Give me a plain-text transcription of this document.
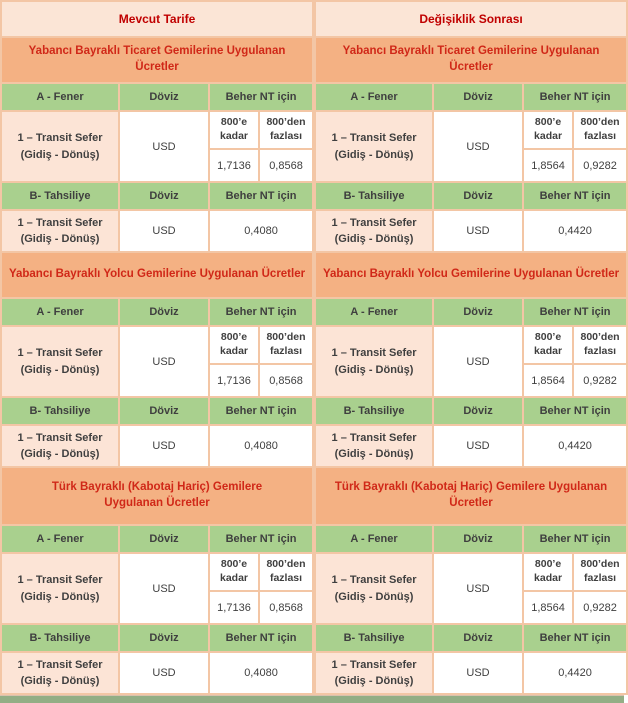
Mevcut Tarife			
Yabancı Bayraklı Ticaret Gemilerine Uygulanan Ücretler			
A - Fener	Döviz	Beher NT için	

1 – Transit Sefer
(Gidiş - Dönüş)	USD	800’e kadar	800’den fazlası
		1,7136	0,8568
B- Tahsiliye	Döviz	Beher NT için	

1 – Transit Sefer
(Gidiş - Dönüş)	USD	0,4080	
Yabancı Bayraklı Yolcu Gemilerine Uygulanan Ücretler			
A - Fener	Döviz	Beher NT için	

1 – Transit Sefer
(Gidiş - Dönüş)	USD	800’e kadar	800’den fazlası
		1,7136	0,8568
B- Tahsiliye	Döviz	Beher NT için	

1 – Transit Sefer
(Gidiş - Dönüş)	USD	0,4080	
Türk Bayraklı (Kabotaj Hariç) Gemilere Uygulanan Ücretler			
A - Fener	Döviz	Beher NT için	

1 – Transit Sefer
(Gidiş - Dönüş)	USD	800’e kadar	800’den fazlası
		1,7136	0,8568
B- Tahsiliye	Döviz	Beher NT için	

1 – Transit Sefer
(Gidiş - Dönüş)	USD	0,4080	
Değişiklik Sonrası			
Yabancı Bayraklı Ticaret Gemilerine Uygulanan Ücretler			
A - Fener	Döviz	Beher NT için	

1 – Transit Sefer
(Gidiş - Dönüş)	USD	800’e kadar	800’den fazlası
		1,8564	0,9282
B- Tahsiliye	Döviz	Beher NT için	

1 – Transit Sefer
(Gidiş - Dönüş)	USD	0,4420	
Yabancı Bayraklı Yolcu Gemilerine Uygulanan Ücretler			
A - Fener	Döviz	Beher NT için	

1 – Transit Sefer
(Gidiş - Dönüş)	USD	800’e kadar	800’den fazlası
		1,8564	0,9282
B- Tahsiliye	Döviz	Beher NT için	

1 – Transit Sefer
(Gidiş - Dönüş)	USD	0,4420	
Türk Bayraklı (Kabotaj Hariç) Gemilere Uygulanan Ücretler			
A - Fener	Döviz	Beher NT için	

1 – Transit Sefer
(Gidiş - Dönüş)	USD	800’e kadar	800’den fazlası
		1,8564	0,9282
B- Tahsiliye	Döviz	Beher NT için	

1 – Transit Sefer
(Gidiş - Dönüş)	USD	0,4420	
